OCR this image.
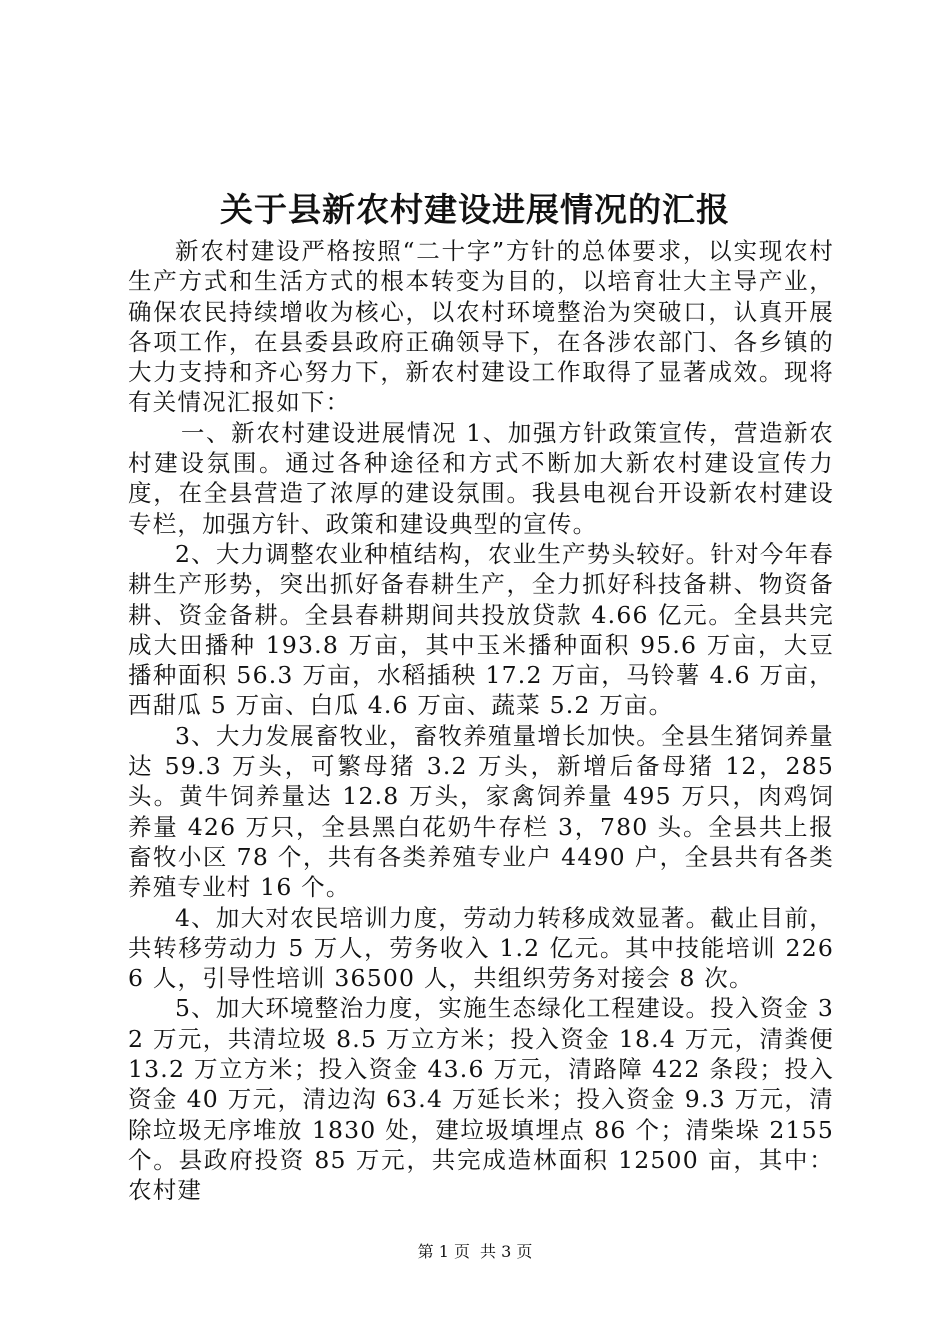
关于县新农村建设进展情况的汇报

新农村建设严格按照“二十字”方针的总体要求，以实现农村生产方式和生活方式的根本转变为目的，以培育壮大主导产业，确保农民持续增收为核心，以农村环境整治为突破口，认真开展各项工作，在县委县政府正确领导下，在各涉农部门、各乡镇的大力支持和齐心努力下，新农村建设工作取得了显著成效。现将有关情况汇报如下：

一、新农村建设进展情况 1、加强方针政策宣传，营造新农村建设氛围。通过各种途径和方式不断加大新农村建设宣传力度，在全县营造了浓厚的建设氛围。我县电视台开设新农村建设专栏，加强方针、政策和建设典型的宣传。

2、大力调整农业种植结构，农业生产势头较好。针对今年春耕生产形势，突出抓好备春耕生产，全力抓好科技备耕、物资备耕、资金备耕。全县春耕期间共投放贷款 4.66 亿元。全县共完成大田播种 193.8 万亩，其中玉米播种面积 95.6 万亩，大豆播种面积 56.3 万亩，水稻插秧 17.2 万亩，马铃薯 4.6 万亩，西甜瓜 5 万亩、白瓜 4.6 万亩、蔬菜 5.2 万亩。

3、大力发展畜牧业，畜牧养殖量增长加快。全县生猪饲养量达 59.3 万头，可繁母猪 3.2 万头，新增后备母猪 12，285 头。黄牛饲养量达 12.8 万头，家禽饲养量 495 万只，肉鸡饲养量 426 万只，全县黑白花奶牛存栏 3，780 头。全县共上报畜牧小区 78 个，共有各类养殖专业户 4490 户，全县共有各类养殖专业村 16 个。

4、加大对农民培训力度，劳动力转移成效显著。截止目前，共转移劳动力 5 万人，劳务收入 1.2 亿元。其中技能培训 2266 人，引导性培训 36500 人，共组织劳务对接会 8 次。

5、加大环境整治力度，实施生态绿化工程建设。投入资金 32 万元，共清垃圾 8.5 万立方米；投入资金 18.4 万元，清粪便 13.2 万立方米；投入资金 43.6 万元，清路障 422 条段；投入资金 40 万元，清边沟 63.4 万延长米；投入资金 9.3 万元，清除垃圾无序堆放 1830 处，建垃圾填埋点 86 个；清柴垛 2155 个。县政府投资 85 万元，共完成造林面积 12500 亩，其中：农村建

第 1 页 共 3 页
